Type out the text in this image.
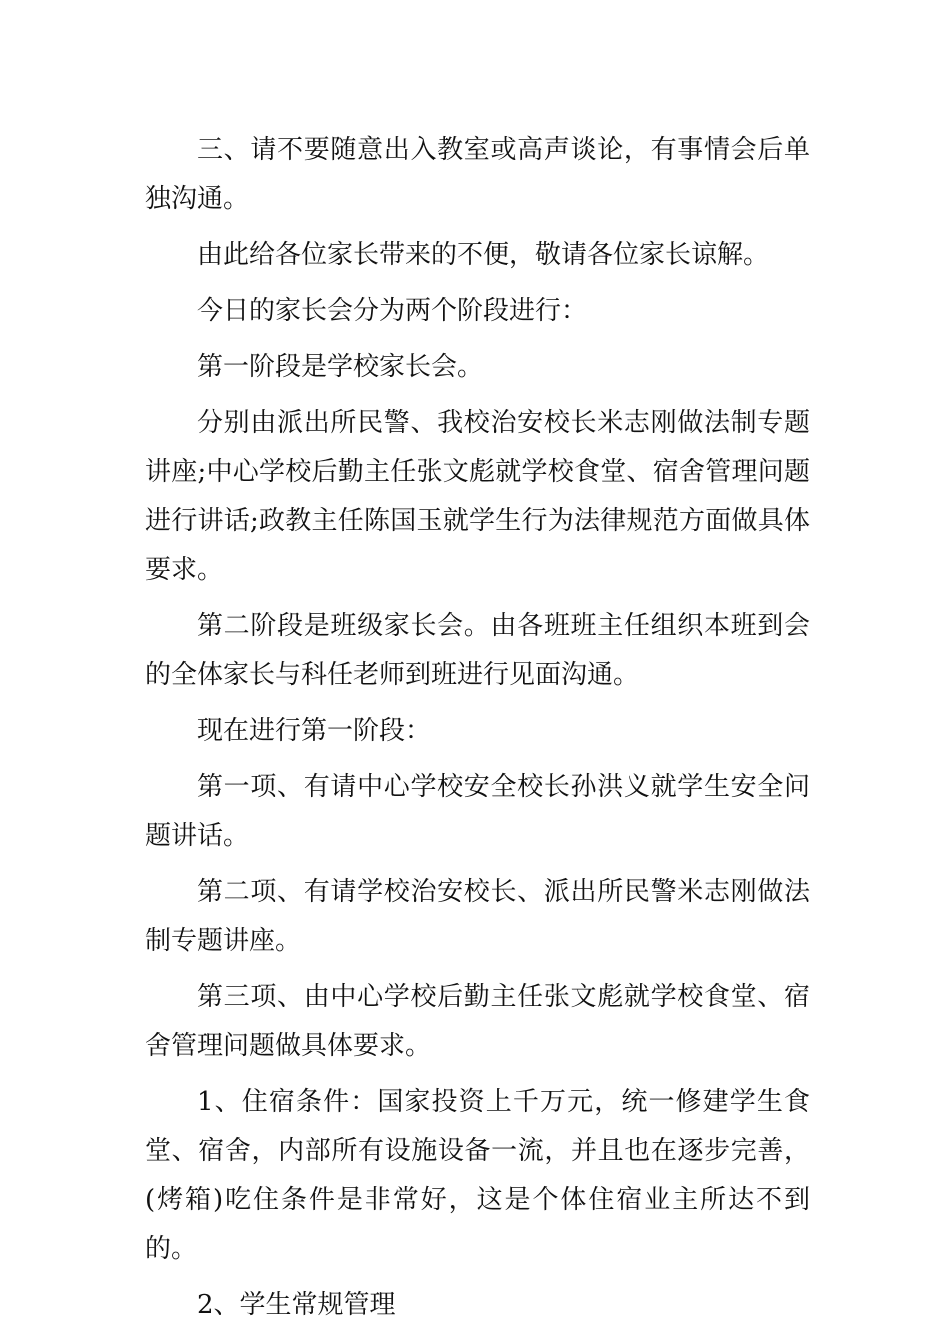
三、请不要随意出入教室或高声谈论，有事情会后单独沟通。

由此给各位家长带来的不便，敬请各位家长谅解。

今日的家长会分为两个阶段进行：

第一阶段是学校家长会。

分别由派出所民警、我校治安校长米志刚做法制专题讲座;中心学校后勤主任张文彪就学校食堂、宿舍管理问题进行讲话;政教主任陈国玉就学生行为法律规范方面做具体要求。

第二阶段是班级家长会。由各班班主任组织本班到会的全体家长与科任老师到班进行见面沟通。

现在进行第一阶段：

第一项、有请中心学校安全校长孙洪义就学生安全问题讲话。

第二项、有请学校治安校长、派出所民警米志刚做法制专题讲座。

第三项、由中心学校后勤主任张文彪就学校食堂、宿舍管理问题做具体要求。

1、住宿条件：国家投资上千万元，统一修建学生食堂、宿舍，内部所有设施设备一流，并且也在逐步完善，(烤箱)吃住条件是非常好，这是个体住宿业主所达不到的。

2、学生常规管理
